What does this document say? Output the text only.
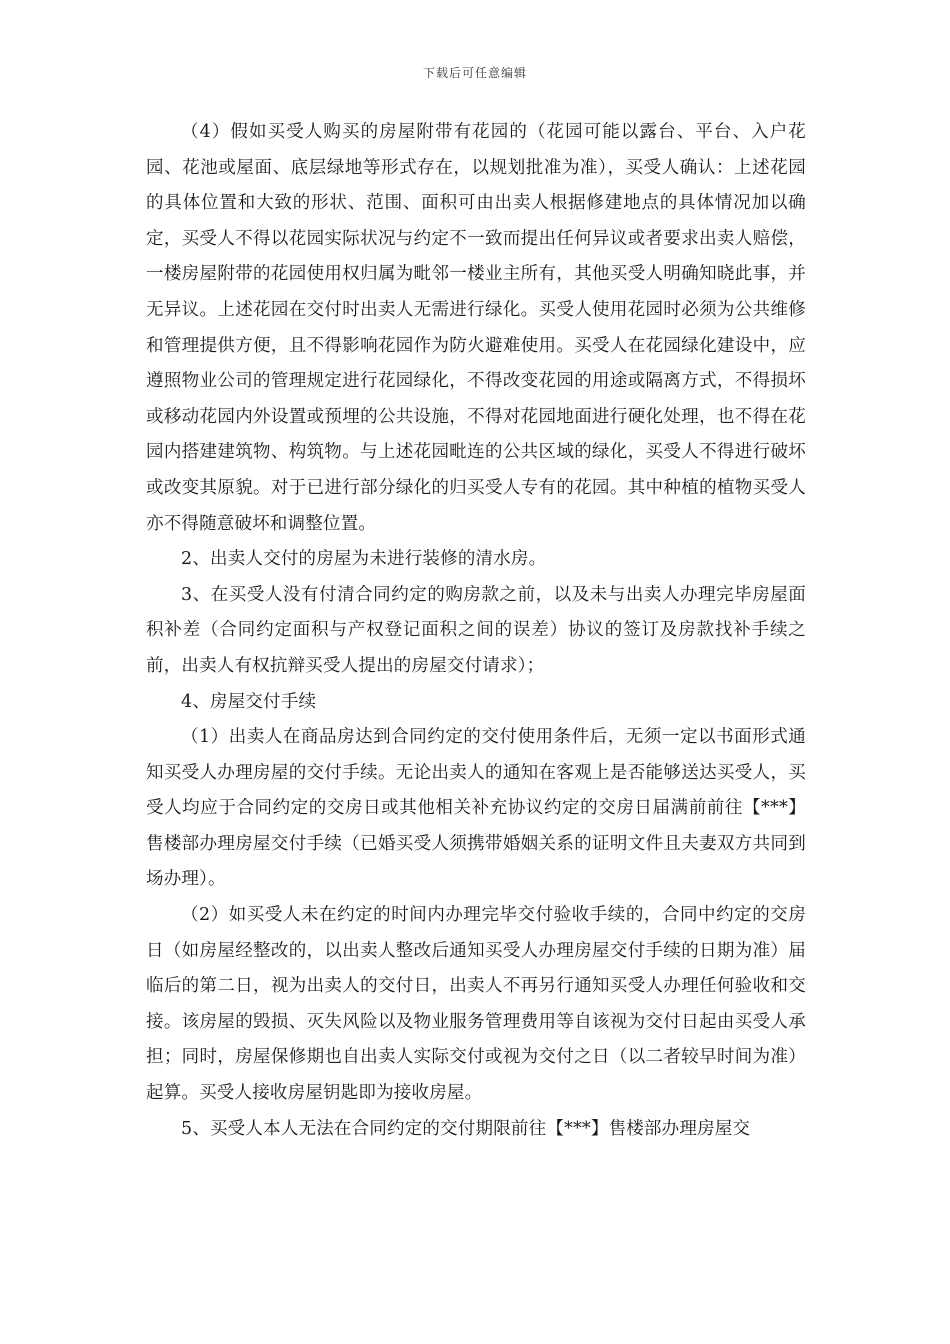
下载后可任意编辑

（4）假如买受人购买的房屋附带有花园的（花园可能以露台、平台、入户花园、花池或屋面、底层绿地等形式存在，以规划批准为准），买受人确认：上述花园的具体位置和大致的形状、范围、面积可由出卖人根据修建地点的具体情况加以确定，买受人不得以花园实际状况与约定不一致而提出任何异议或者要求出卖人赔偿，一楼房屋附带的花园使用权归属为毗邻一楼业主所有，其他买受人明确知晓此事，并无异议。上述花园在交付时出卖人无需进行绿化。买受人使用花园时必须为公共维修和管理提供方便，且不得影响花园作为防火避难使用。买受人在花园绿化建设中，应遵照物业公司的管理规定进行花园绿化，不得改变花园的用途或隔离方式，不得损坏或移动花园内外设置或预埋的公共设施，不得对花园地面进行硬化处理，也不得在花园内搭建建筑物、构筑物。与上述花园毗连的公共区域的绿化，买受人不得进行破坏或改变其原貌。对于已进行部分绿化的归买受人专有的花园。其中种植的植物买受人亦不得随意破坏和调整位置。

2、出卖人交付的房屋为未进行装修的清水房。

3、在买受人没有付清合同约定的购房款之前，以及未与出卖人办理完毕房屋面积补差（合同约定面积与产权登记面积之间的误差）协议的签订及房款找补手续之前，出卖人有权抗辩买受人提出的房屋交付请求）；

4、房屋交付手续

（1）出卖人在商品房达到合同约定的交付使用条件后，无须一定以书面形式通知买受人办理房屋的交付手续。无论出卖人的通知在客观上是否能够送达买受人，买受人均应于合同约定的交房日或其他相关补充协议约定的交房日届满前前往【***】售楼部办理房屋交付手续（已婚买受人须携带婚姻关系的证明文件且夫妻双方共同到场办理）。

（2）如买受人未在约定的时间内办理完毕交付验收手续的，合同中约定的交房日（如房屋经整改的，以出卖人整改后通知买受人办理房屋交付手续的日期为准）届临后的第二日，视为出卖人的交付日，出卖人不再另行通知买受人办理任何验收和交接。该房屋的毁损、灭失风险以及物业服务管理费用等自该视为交付日起由买受人承担；同时，房屋保修期也自出卖人实际交付或视为交付之日（以二者较早时间为准）起算。买受人接收房屋钥匙即为接收房屋。

5、买受人本人无法在合同约定的交付期限前往【***】售楼部办理房屋交
